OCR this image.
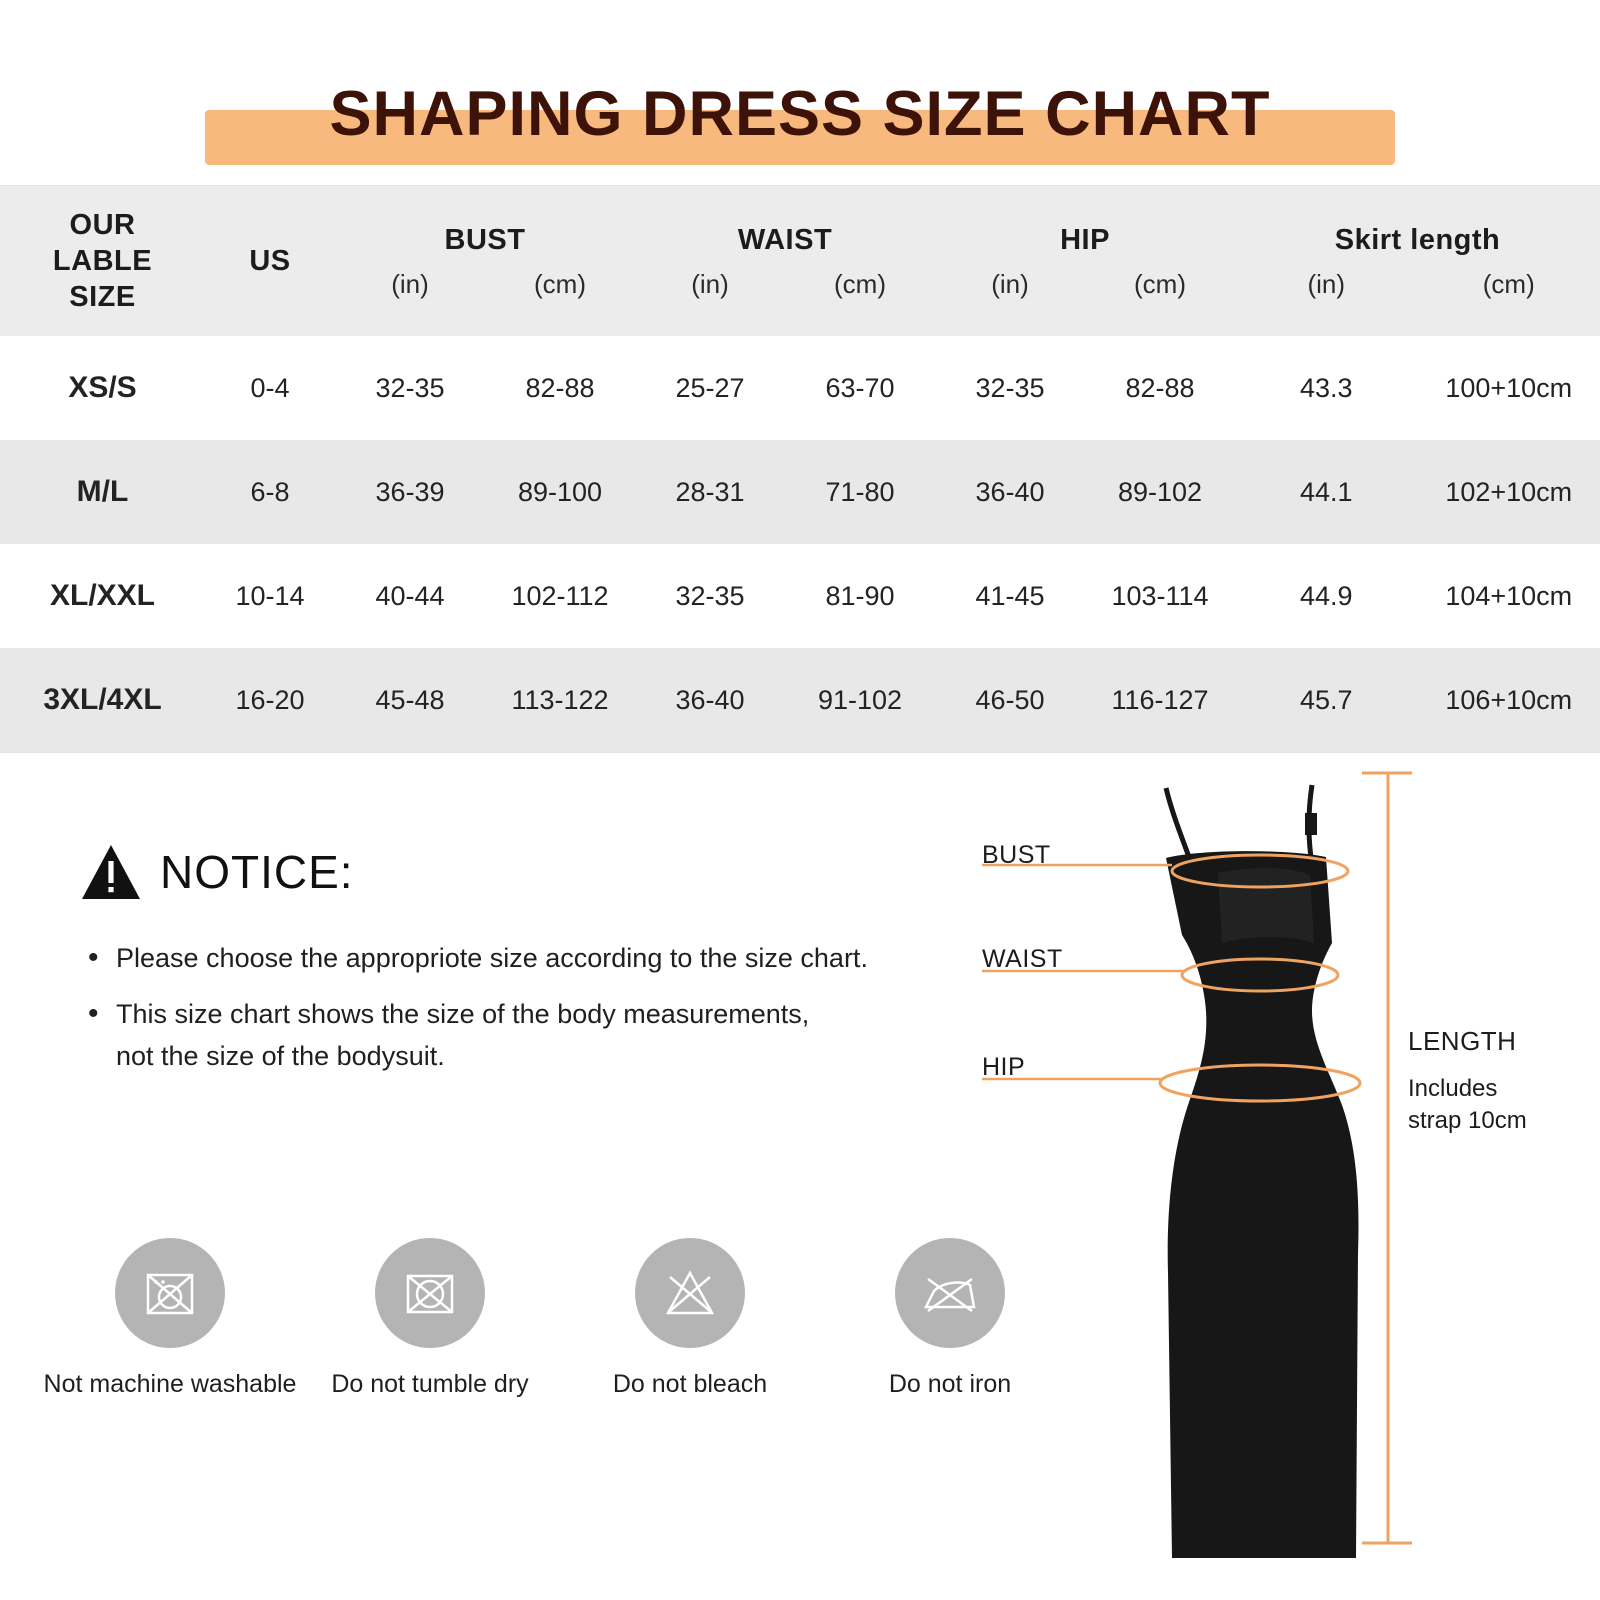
SHAPING DRESS SIZE CHART
OUR
LABLE
SIZE
US
BUST
(in)	(cm)
WAIST
(in)	(cm)
HIP
(in)	(cm)
Skirt length
(in)	(cm)
XS/S	0-4	32-35	82-88	25-27	63-70	32-35	82-88	43.3	100+10cm
M/L	6-8	36-39	89-100	28-31	71-80	36-40	89-102	44.1	102+10cm
XL/XXL	10-14	40-44	102-112	32-35	81-90	41-45	103-114	44.9	104+10cm
3XL/4XL	16-20	45-48	113-122	36-40	91-102	46-50	116-127	45.7	106+10cm
NOTICE:
• Please choose the appropriote size according to the size chart.
• This size chart shows the size of the body measurements,
not the size of the bodysuit.
Not machine washable Do not tumble dry	Do not bleach	Do not iron
BUST
WAIST
HIP
LENGTH
Includes
strap 10cm
